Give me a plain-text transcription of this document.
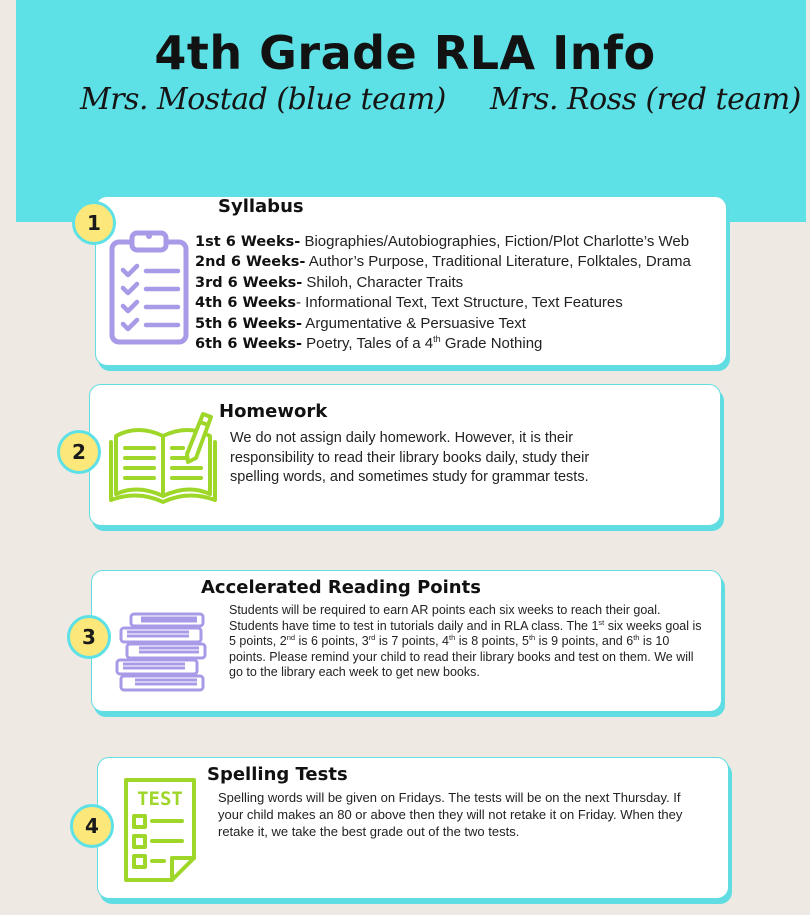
4th Grade RLA Info
Mrs. Mostad (blue team) Mrs. Ross (red team)
1
Syllabus
1st 6 Weeks- Biographies/Autobiographies, Fiction/Plot Charlotte’s Web
2nd 6 Weeks- Author’s Purpose, Traditional Literature, Folktales, Drama
3rd 6 Weeks- Shiloh, Character Traits
4th 6 Weeks- Informational Text, Text Structure, Text Features
5th 6 Weeks- Argumentative & Persuasive Text
6th 6 Weeks- Poetry, Tales of a 4th Grade Nothing
2
Homework
We do not assign daily homework. However, it is their
responsibility to read their library books daily, study their
spelling words, and sometimes study for grammar tests.
3
Accelerated Reading Points

Students will be required to earn AR points each six weeks to reach their goal. Students have time to test in tutorials daily and in RLA class. The 1st six weeks goal is 5 points, 2nd is 6 points, 3rd is 7 points, 4th is 8 points, 5th is 9 points, and 6th is 10 points. Please remind your child to read their library books and test on them. We will go to the library each week to get new books.

4
Spelling Tests
TEST	Spelling words will be given on Fridays. The tests will be on the next Thursday. If your child makes an 80 or above then they will not retake it on Friday. When they retake it, we take the best grade out of the two tests.
